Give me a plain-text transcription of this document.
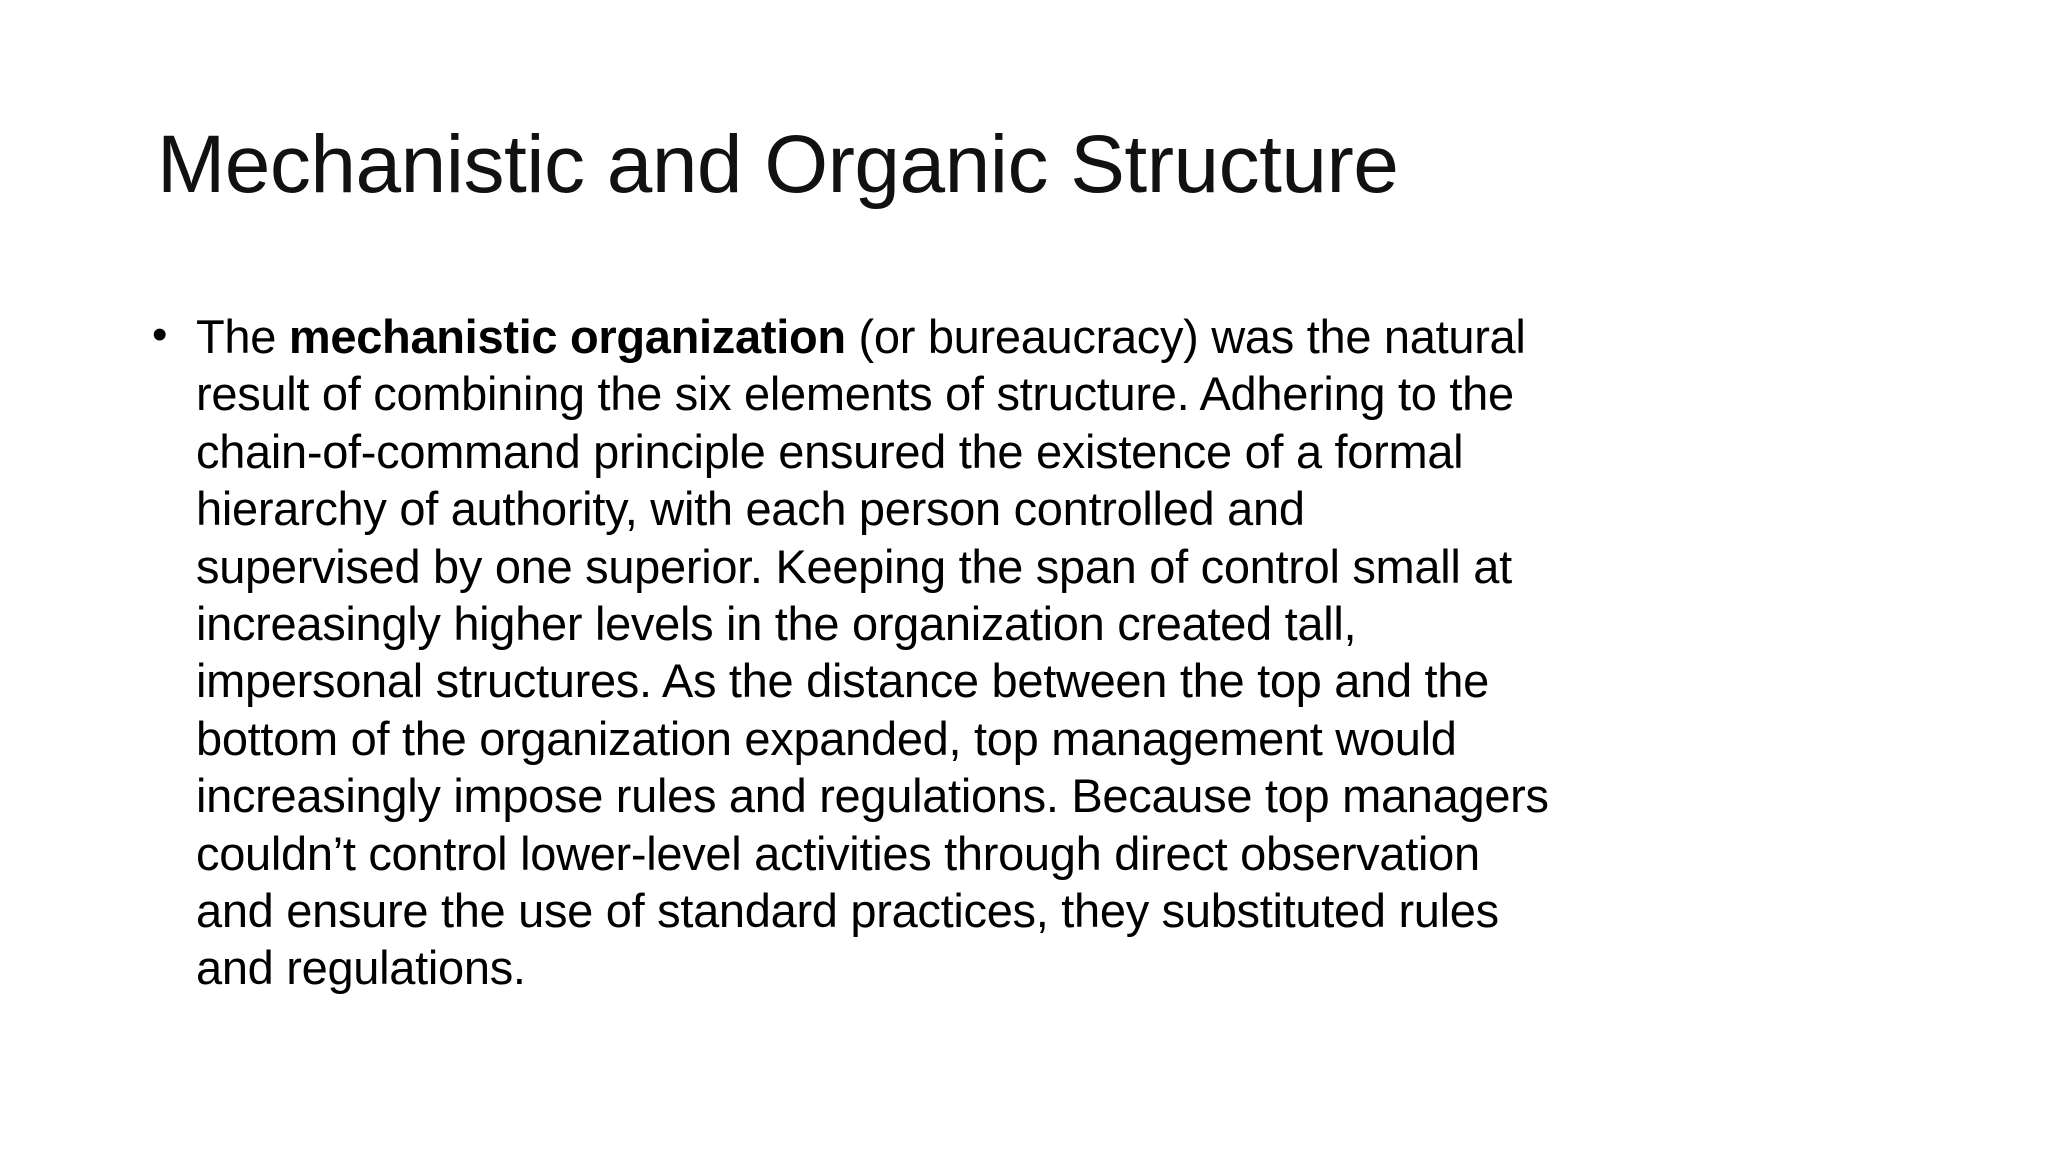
Mechanistic and Organic Structure
• The mechanistic organization (or bureaucracy) was the natural
result of combining the six elements of structure. Adhering to the
chain-of-command principle ensured the existence of a formal
hierarchy of authority, with each person controlled and
supervised by one superior. Keeping the span of control small at
increasingly higher levels in the organization created tall,
impersonal structures. As the distance between the top and the
bottom of the organization expanded, top management would
increasingly impose rules and regulations. Because top managers
couldn’t control lower-level activities through direct observation
and ensure the use of standard practices, they substituted rules
and regulations.
